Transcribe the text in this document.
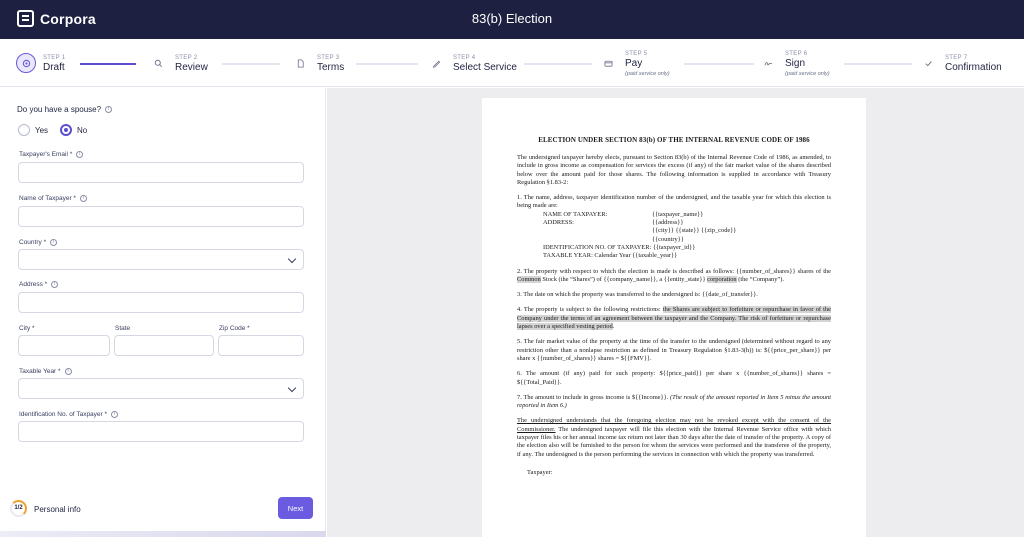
Corpora	83(b) Election
STEP 1
Draft
STEP 2
Review
STEP 3
Terms
STEP 4
Select Service
STEP 5
Pay
(paid service only)
STEP 6
Sign
(paid service only)
STEP 7
Confirmation
Do you have a spouse? i
Yes	No
Taxpayer's Email * i
Name of Taxpayer * i
Country * i
Address * i
City *	State	Zip Code *
Taxable Year * i
Identification No. of Taxpayer * i
1/2	Personal info	Next
ELECTION UNDER SECTION 83(b) OF THE INTERNAL REVENUE CODE OF 1986

The undersigned taxpayer hereby elects, pursuant to Section 83(b) of the Internal Revenue Code of 1986, as amended, to include in gross income as compensation for services the excess (if any) of the fair market value of the shares described below over the amount paid for those shares. The following information is supplied in accordance with Treasury Regulation §1.83-2:

1. The name, address, taxpayer identification number of the undersigned, and the taxable year for which this election is being made are:

NAME OF TAXPAYER:	{{taxpayer_name}}
ADDRESS:	{{address}}
{{city}} {{state}} {{zip_code}}
{{country}}
IDENTIFICATION NO. OF TAXPAYER: {{taxpayer_id}}
TAXABLE YEAR: Calendar Year {{taxable_year}}

2. The property with respect to which the election is made is described as follows: {{number_of_shares}} shares of the Common Stock (the “Shares”) of {{company_name}}, a {{entity_state}} corporation (the “Company”).

3. The date on which the property was transferred to the undersigned is: {{date_of_transfer}}.

4. The property is subject to the following restrictions: the Shares are subject to forfeiture or repurchase in favor of the Company under the terms of an agreement between the taxpayer and the Company. The risk of forfeiture or repurchase lapses over a specified vesting period.

5. The fair market value of the property at the time of the transfer to the undersigned (determined without regard to any restriction other than a nonlapse restriction as defined in Treasury Regulation §1.83-3(h)) is: ${{price_per_share}} per share x {{number_of_shares}} shares = ${{FMV}}.

6. The amount (if any) paid for such property: ${{price_paid}} per share x {{number_of_shares}} shares = ${{Total_Paid}}.

7. The amount to include in gross income is ${{Income}}. (The result of the amount reported in Item 5 minus the amount reported in Item 6.)

The undersigned understands that the foregoing election may not be revoked except with the consent of the Commissioner. The undersigned taxpayer will file this election with the Internal Revenue Service office with which taxpayer files his or her annual income tax return not later than 30 days after the date of transfer of the property. A copy of the election also will be furnished to the person for whom the services were performed and the transferee of the property, if any. The undersigned is the person performing the services in connection with which the property was transferred.

Taxpayer:
